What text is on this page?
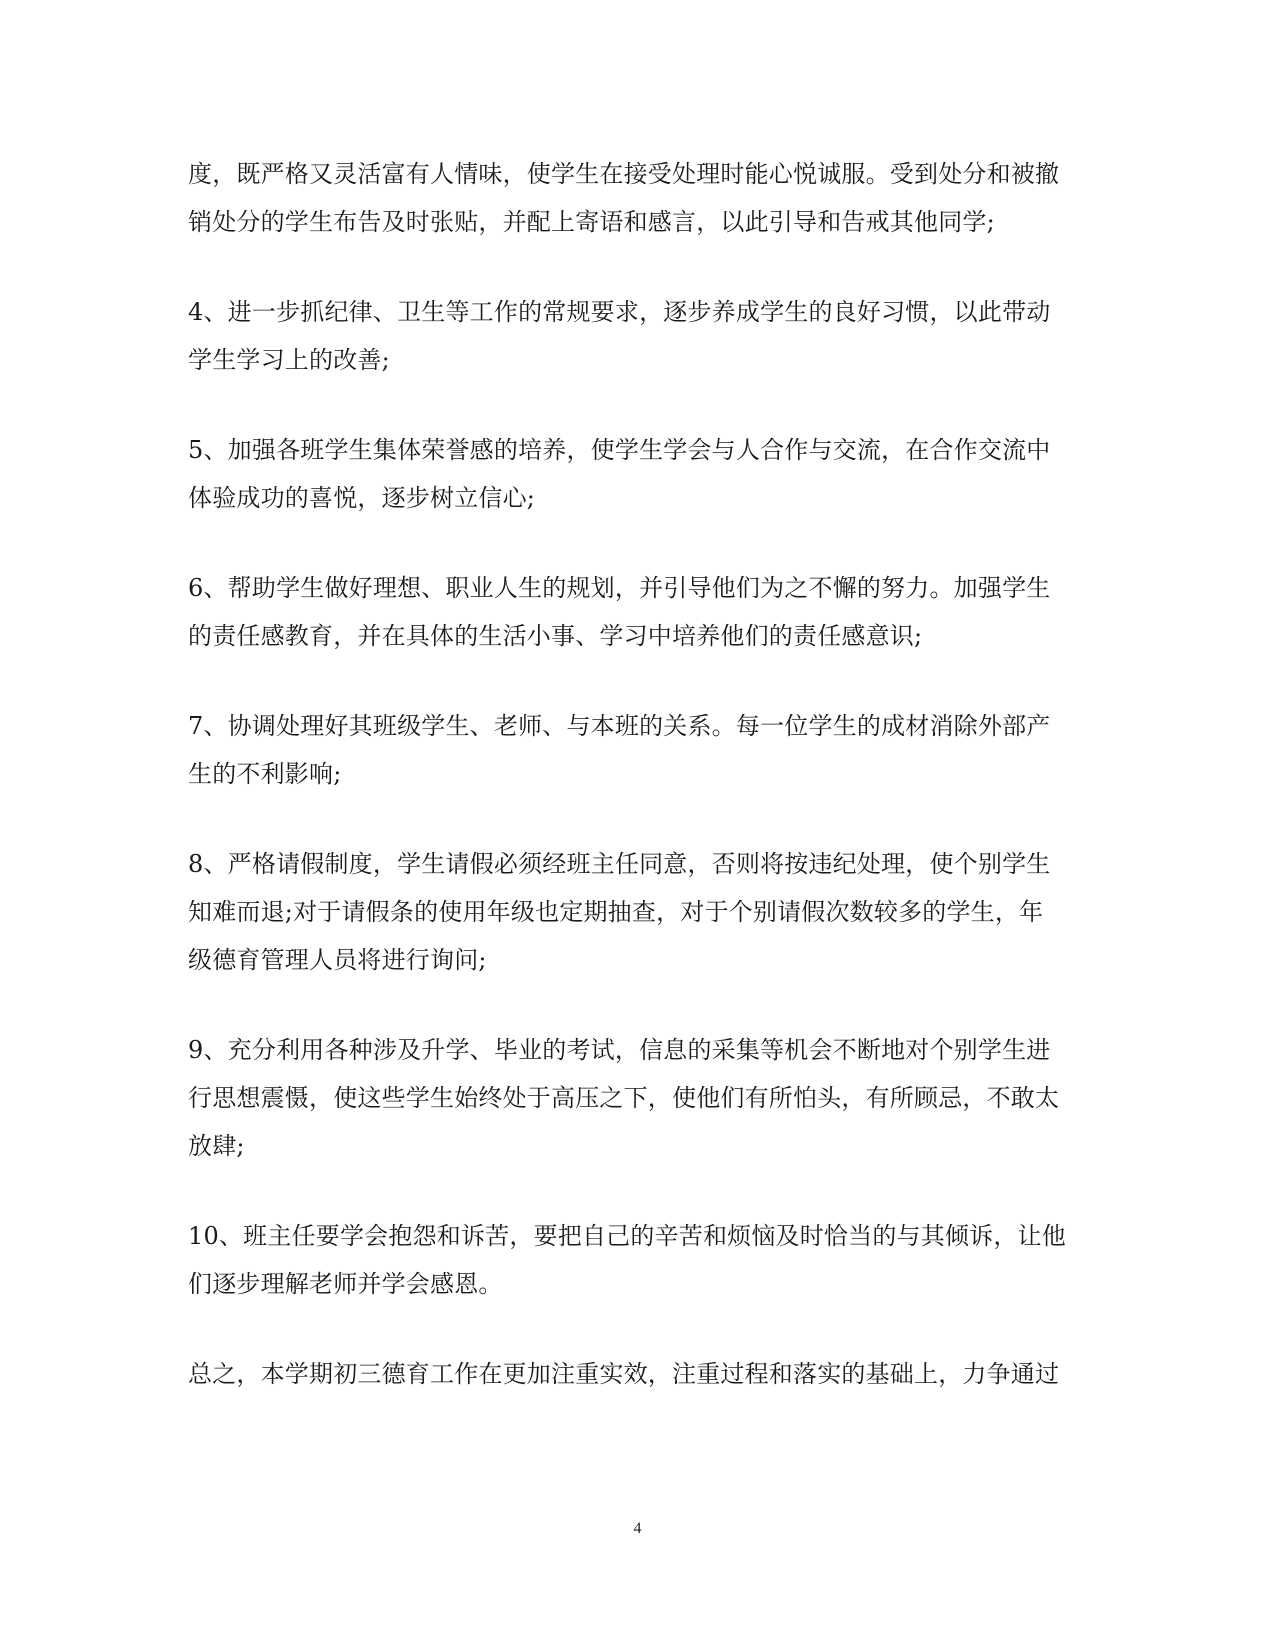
度，既严格又灵活富有人情味，使学生在接受处理时能心悦诚服。受到处分和被撤
销处分的学生布告及时张贴，并配上寄语和感言，以此引导和告戒其他同学;

4、进一步抓纪律、卫生等工作的常规要求，逐步养成学生的良好习惯，以此带动
学生学习上的改善;

5、加强各班学生集体荣誉感的培养，使学生学会与人合作与交流，在合作交流中
体验成功的喜悦，逐步树立信心;

6、帮助学生做好理想、职业人生的规划，并引导他们为之不懈的努力。加强学生
的责任感教育，并在具体的生活小事、学习中培养他们的责任感意识;

7、协调处理好其班级学生、老师、与本班的关系。每一位学生的成材消除外部产
生的不利影响;

8、严格请假制度，学生请假必须经班主任同意，否则将按违纪处理，使个别学生
知难而退;对于请假条的使用年级也定期抽查，对于个别请假次数较多的学生，年
级德育管理人员将进行询问;

9、充分利用各种涉及升学、毕业的考试，信息的采集等机会不断地对个别学生进
行思想震慑，使这些学生始终处于高压之下，使他们有所怕头，有所顾忌，不敢太
放肆;

10、班主任要学会抱怨和诉苦，要把自己的辛苦和烦恼及时恰当的与其倾诉，让他
们逐步理解老师并学会感恩。

总之，本学期初三德育工作在更加注重实效，注重过程和落实的基础上，力争通过

4
